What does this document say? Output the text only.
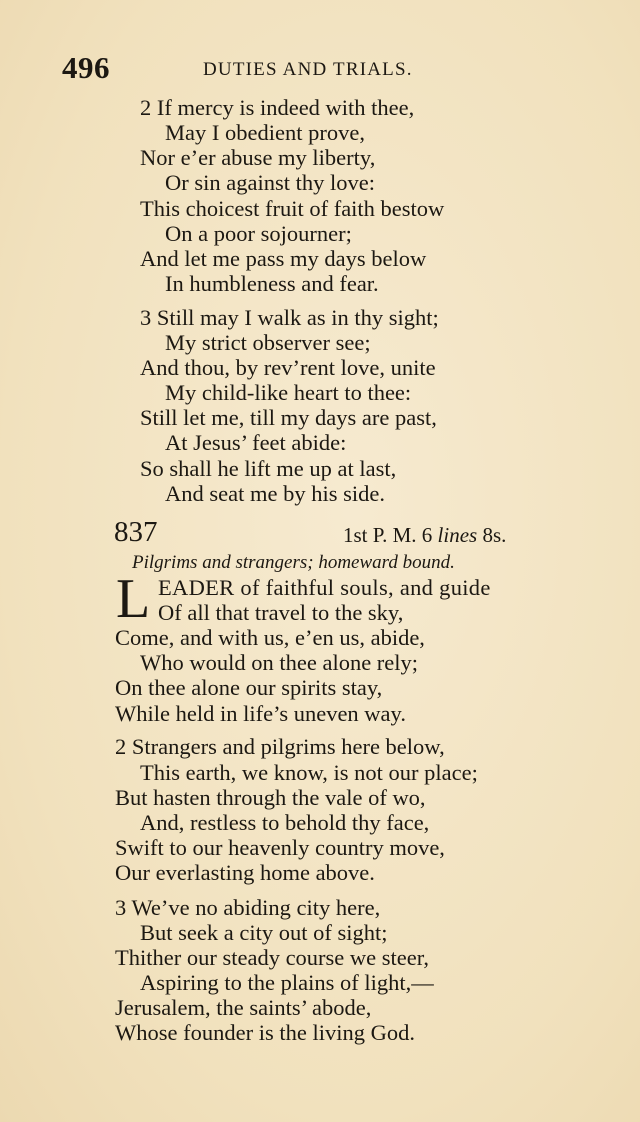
496	DUTIES AND TRIALS.
2 If mercy is indeed with thee,
May I obedient prove,
Nor e’er abuse my liberty,
Or sin against thy love:
This choicest fruit of faith bestow
On a poor sojourner;
And let me pass my days below
In humbleness and fear.
3 Still may I walk as in thy sight;
My strict observer see;
And thou, by rev’rent love, unite
My child-like heart to thee:
Still let me, till my days are past,
At Jesus’ feet abide:
So shall he lift me up at last,
And seat me by his side.
837	1st P. M. 6 lines 8s.
Pilgrims and strangers; homeward bound.
L EADER of faithful souls, and guide
Of all that travel to the sky,
Come, and with us, e’en us, abide,
Who would on thee alone rely;
On thee alone our spirits stay,
While held in life’s uneven way.
2 Strangers and pilgrims here below,
This earth, we know, is not our place;
But hasten through the vale of wo,
And, restless to behold thy face,
Swift to our heavenly country move,
Our everlasting home above.
3 We’ve no abiding city here,
But seek a city out of sight;
Thither our steady course we steer,
Aspiring to the plains of light,—
Jerusalem, the saints’ abode,
Whose founder is the living God.
